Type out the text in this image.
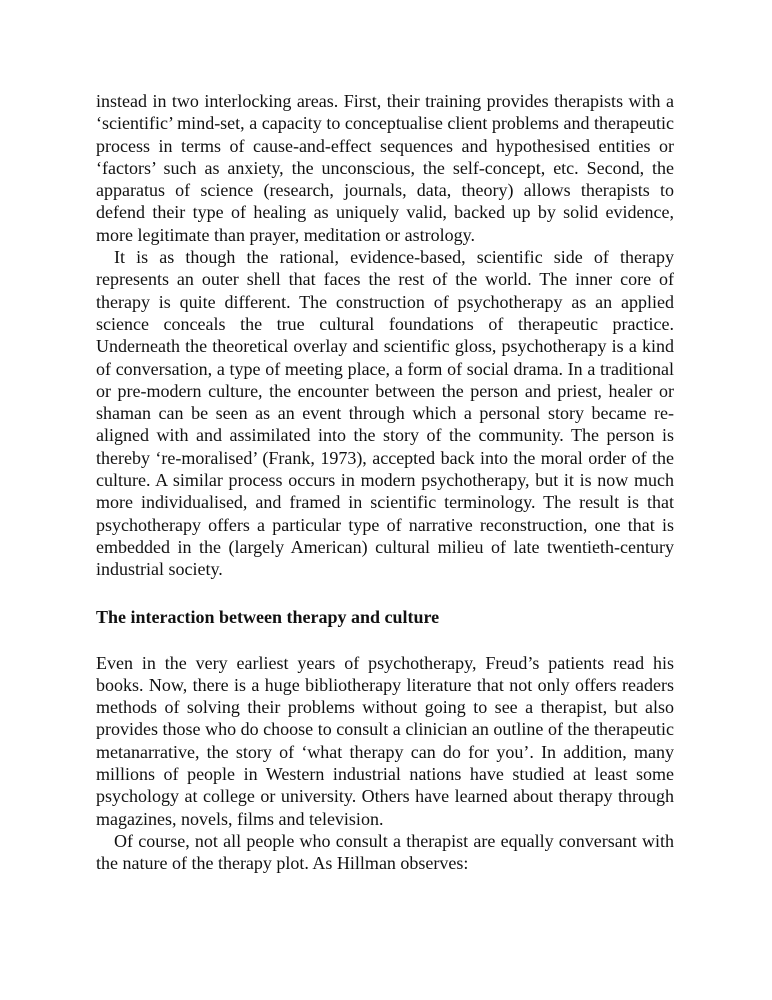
instead in two interlocking areas. First, their training provides therapists with a ‘scientific’ mind-set, a capacity to conceptualise client problems and therapeutic process in terms of cause-and-effect sequences and hypothesised entities or ‘factors’ such as anxiety, the unconscious, the self-concept, etc. Second, the apparatus of science (research, journals, data, theory) allows therapists to defend their type of healing as uniquely valid, backed up by solid evidence, more legitimate than prayer, meditation or astrology.

It is as though the rational, evidence-based, scientific side of therapy represents an outer shell that faces the rest of the world. The inner core of therapy is quite different. The construction of psychotherapy as an applied science conceals the true cultural foundations of therapeutic practice. Underneath the theoretical overlay and scientific gloss, psychotherapy is a kind of conversation, a type of meeting place, a form of social drama. In a traditional or pre-modern culture, the encounter between the person and priest, healer or shaman can be seen as an event through which a personal story became re-aligned with and assimilated into the story of the community. The person is thereby ‘re-moralised’ (Frank, 1973), accepted back into the moral order of the culture. A similar process occurs in modern psychotherapy, but it is now much more individualised, and framed in scientific terminology. The result is that psychotherapy offers a particular type of narrative reconstruction, one that is embedded in the (largely American) cultural milieu of late twentieth-century industrial society.

The interaction between therapy and culture

Even in the very earliest years of psychotherapy, Freud’s patients read his books. Now, there is a huge bibliotherapy literature that not only offers readers methods of solving their problems without going to see a therapist, but also provides those who do choose to consult a clinician an outline of the therapeutic metanarrative, the story of ‘what therapy can do for you’. In addition, many millions of people in Western industrial nations have studied at least some psychology at college or university. Others have learned about therapy through magazines, novels, films and television.

Of course, not all people who consult a therapist are equally conversant with the nature of the therapy plot. As Hillman observes:
